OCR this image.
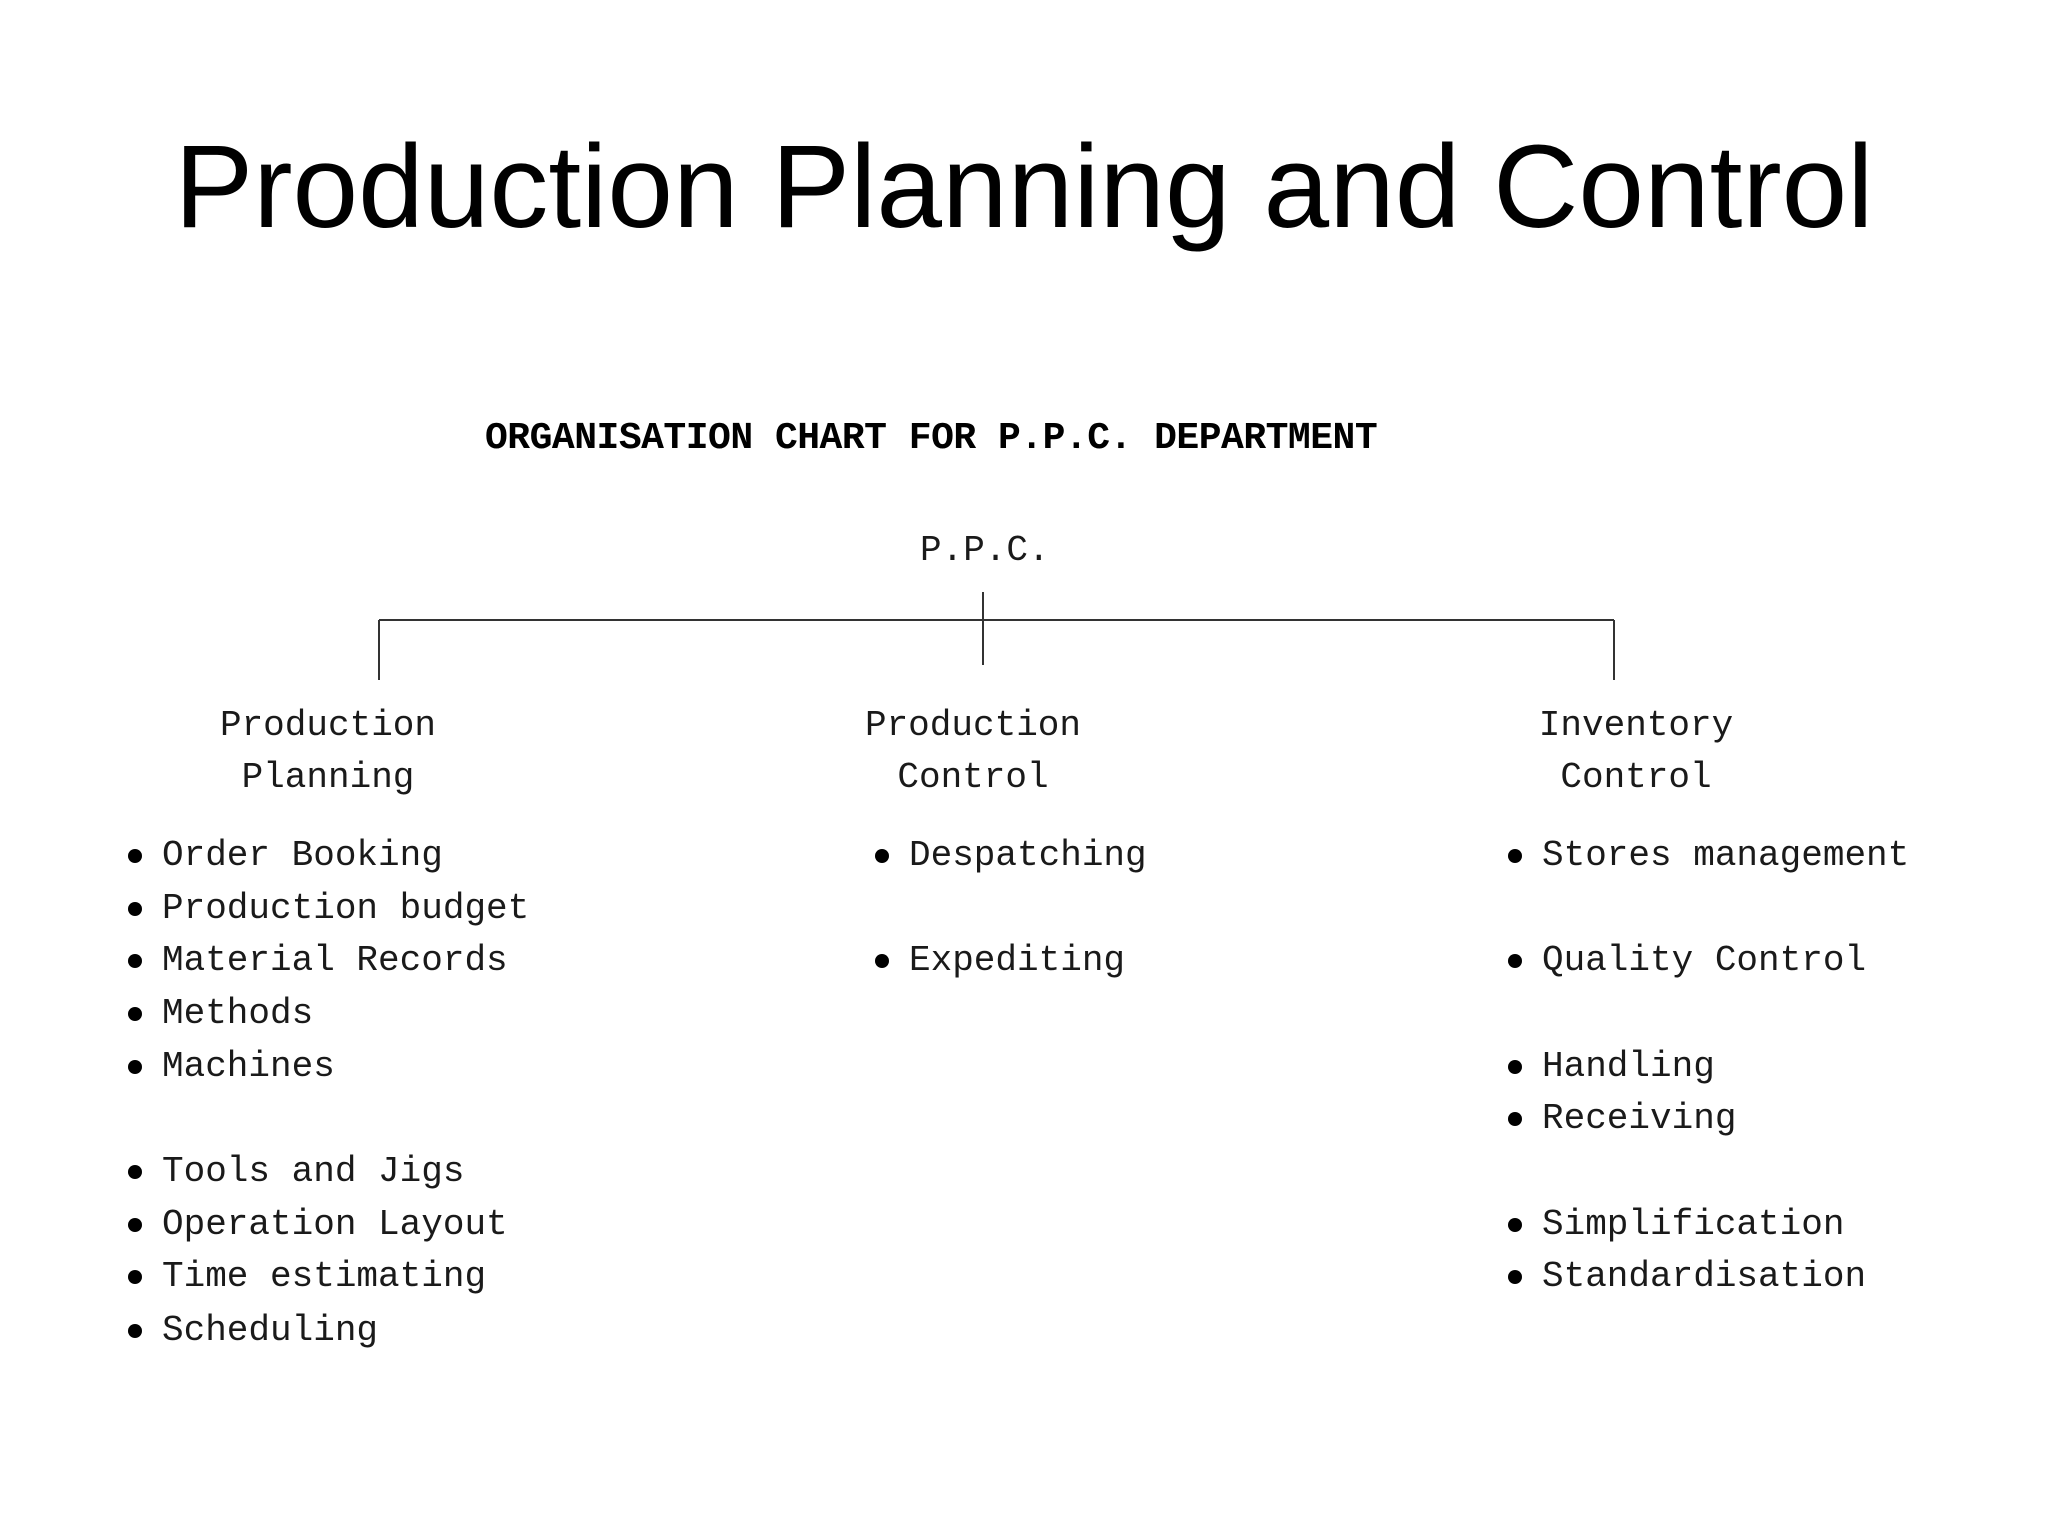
Production Planning and Control
ORGANISATION CHART FOR P.P.C. DEPARTMENT
P.P.C.
Production
Planning
Order Booking
Production budget
Material Records
Methods
Machines
Tools and Jigs
Operation Layout
Time estimating
Scheduling
Production
Control
Despatching
Expediting
Inventory
Control
Stores management
Quality Control
Handling
Receiving
Simplification
Standardisation
